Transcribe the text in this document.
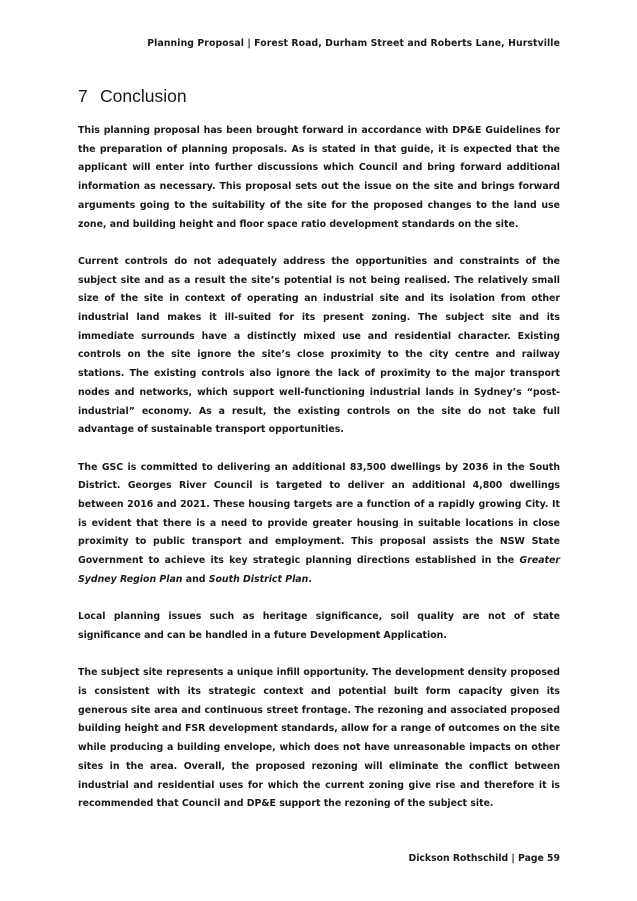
Planning Proposal | Forest Road, Durham Street and Roberts Lane, Hurstville
7 Conclusion

This planning proposal has been brought forward in accordance with DP&E Guidelines for the preparation of planning proposals. As is stated in that guide, it is expected that the applicant will enter into further discussions which Council and bring forward additional information as necessary. This proposal sets out the issue on the site and brings forward arguments going to the suitability of the site for the proposed changes to the land use zone, and building height and floor space ratio development standards on the site.

Current controls do not adequately address the opportunities and constraints of the subject site and as a result the site’s potential is not being realised. The relatively small size of the site in context of operating an industrial site and its isolation from other industrial land makes it ill-suited for its present zoning. The subject site and its immediate surrounds have a distinctly mixed use and residential character. Existing controls on the site ignore the site’s close proximity to the city centre and railway stations. The existing controls also ignore the lack of proximity to the major transport nodes and networks, which support well-functioning industrial lands in Sydney’s “post-industrial” economy. As a result, the existing controls on the site do not take full advantage of sustainable transport opportunities.

The GSC is committed to delivering an additional 83,500 dwellings by 2036 in the South District. Georges River Council is targeted to deliver an additional 4,800 dwellings between 2016 and 2021. These housing targets are a function of a rapidly growing City. It is evident that there is a need to provide greater housing in suitable locations in close proximity to public transport and employment. This proposal assists the NSW State Government to achieve its key strategic planning directions established in the Greater Sydney Region Plan and South District Plan.

Local planning issues such as heritage significance, soil quality are not of state significance and can be handled in a future Development Application.

The subject site represents a unique infill opportunity. The development density proposed is consistent with its strategic context and potential built form capacity given its generous site area and continuous street frontage. The rezoning and associated proposed building height and FSR development standards, allow for a range of outcomes on the site while producing a building envelope, which does not have unreasonable impacts on other sites in the area. Overall, the proposed rezoning will eliminate the conflict between industrial and residential uses for which the current zoning give rise and therefore it is recommended that Council and DP&E support the rezoning of the subject site.

Dickson Rothschild | Page 59
